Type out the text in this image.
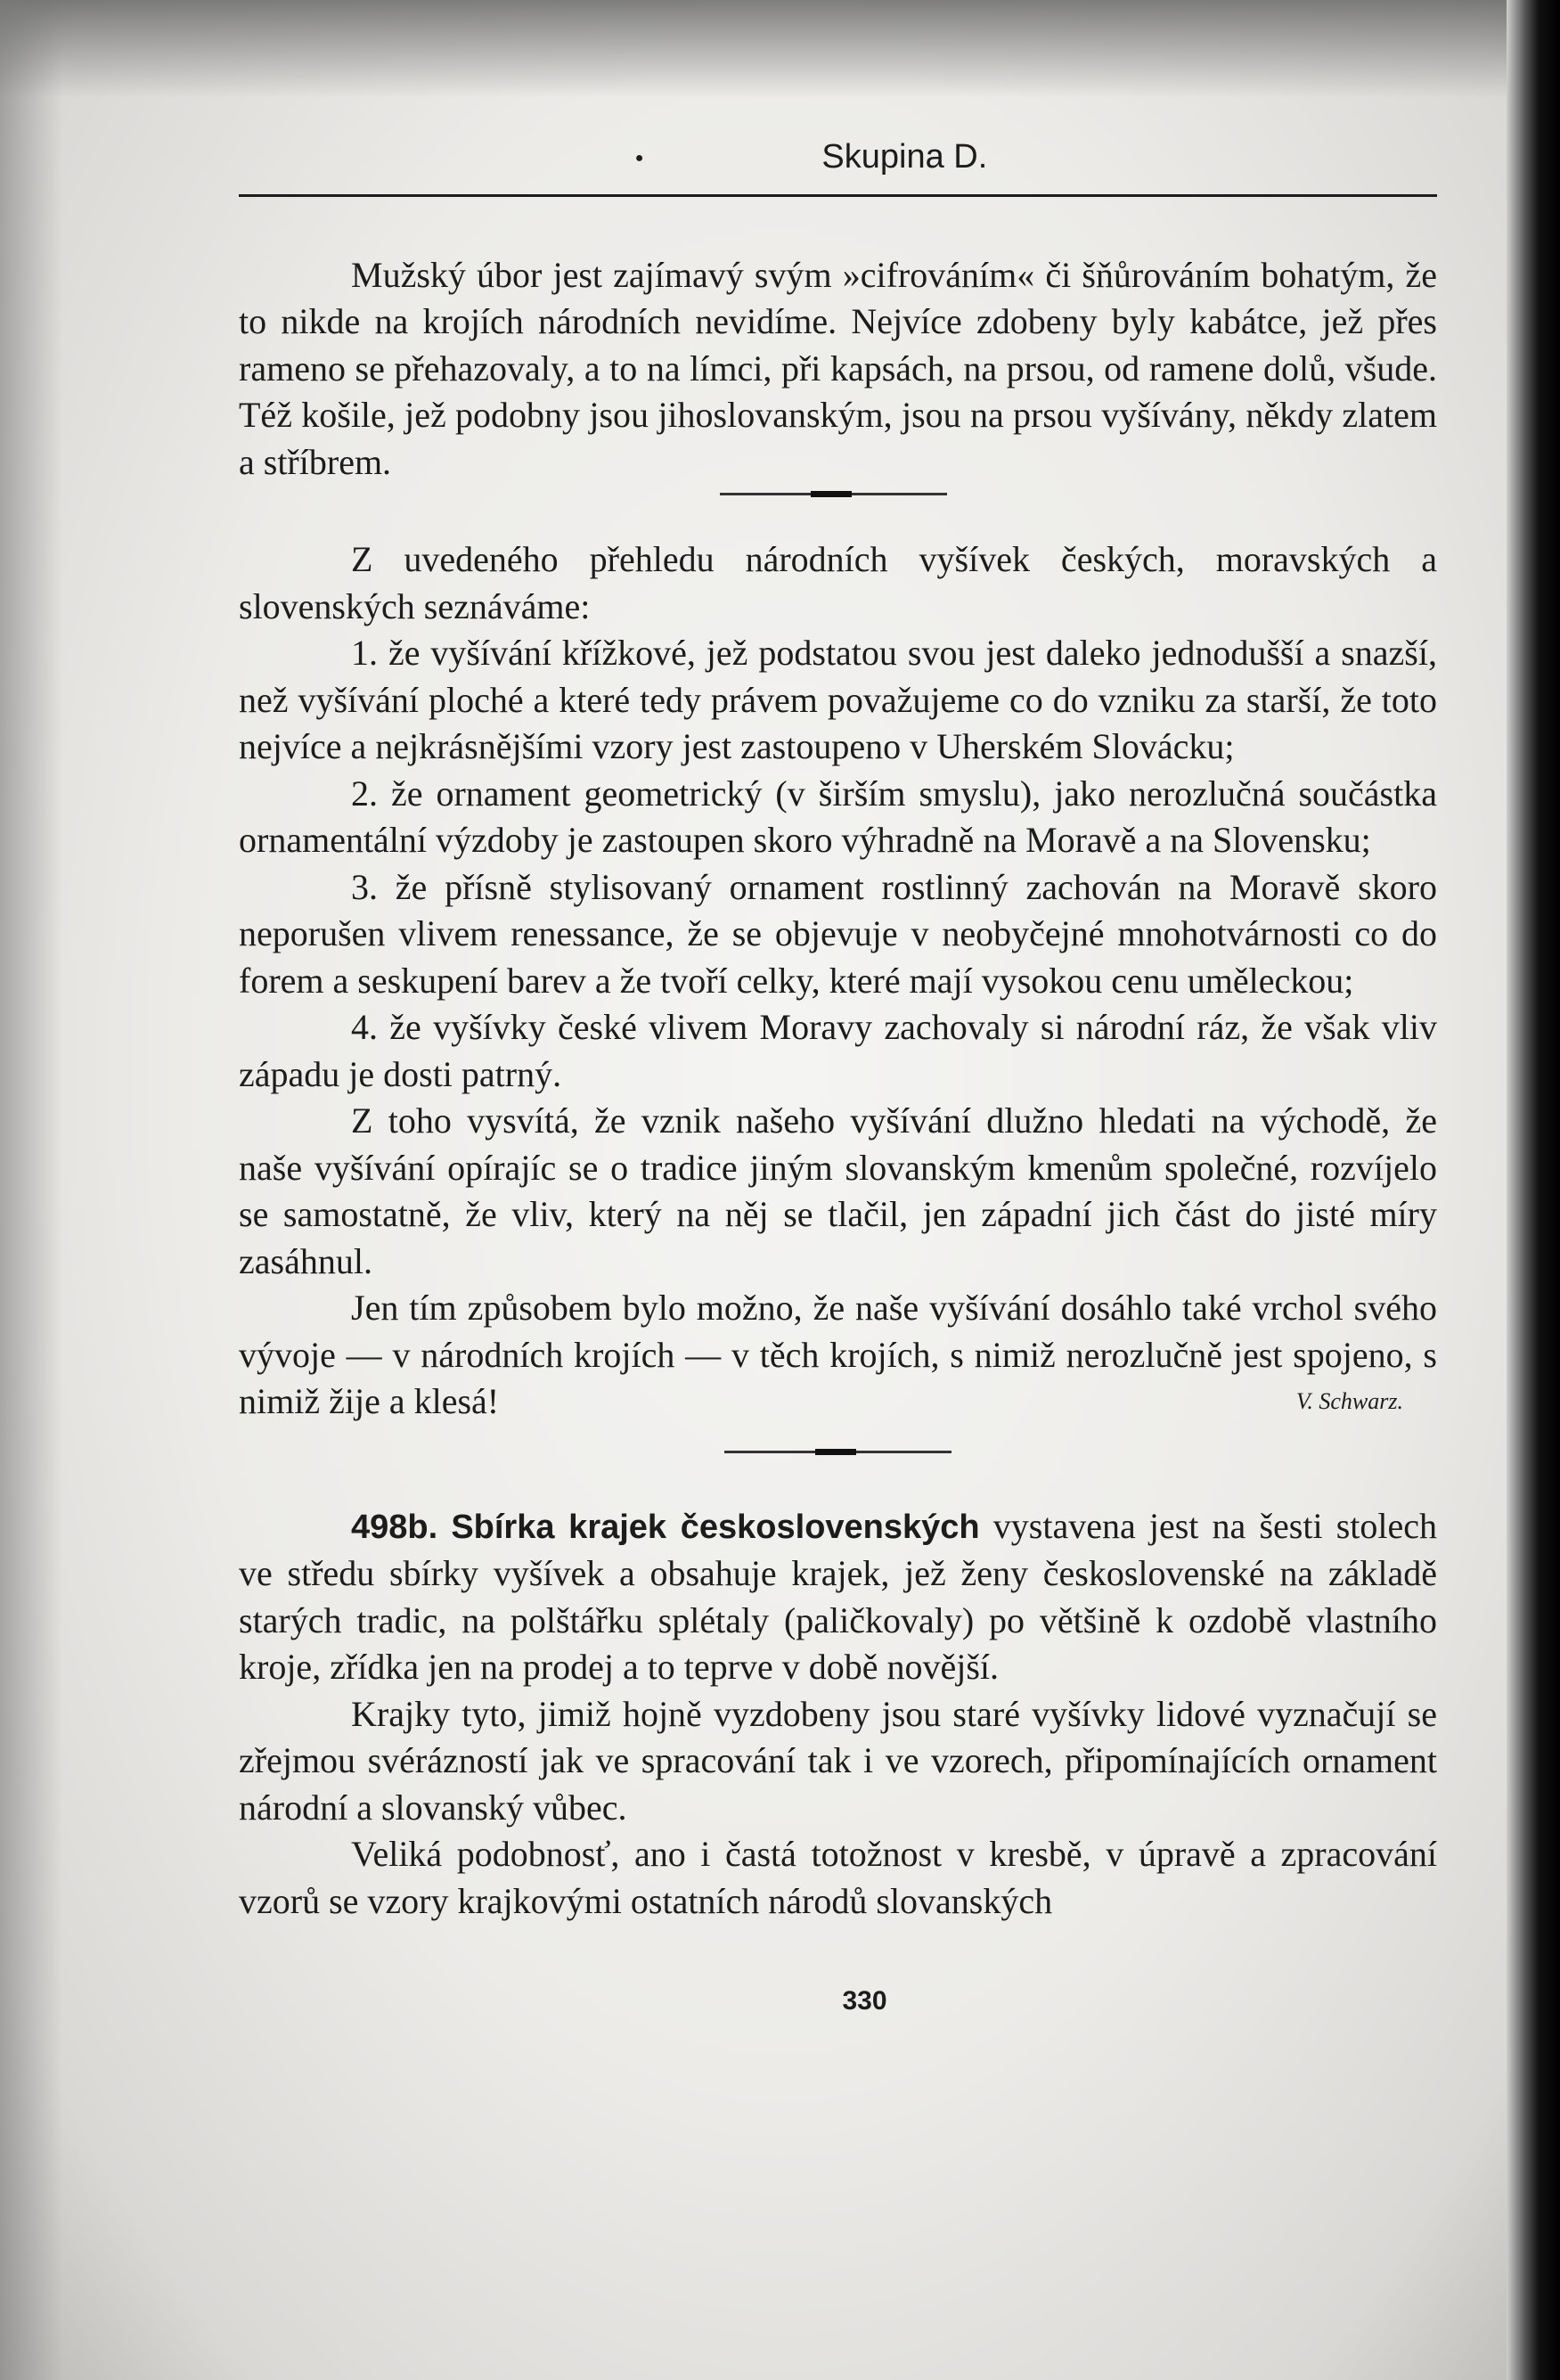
●	Skupina D.

Mužský úbor jest zajímavý svým »cifrováním« či šňůrováním bohatým, že to nikde na krojích národních nevidíme. Nejvíce zdobeny byly kabátce, jež přes rameno se přehazovaly, a to na límci, při kapsách, na prsou, od ramene dolů, všude. Též košile, jež podobny jsou jihoslovanským, jsou na prsou vyšívány, někdy zlatem a stříbrem.

Z uvedeného přehledu národních vyšívek českých, moravských a slovenských seznáváme:

1. že vyšívání křížkové, jež podstatou svou jest daleko jednodušší a snazší, než vyšívání ploché a které tedy právem považujeme co do vzniku za starší, že toto nejvíce a nejkrásnějšími vzory jest zastoupeno v Uherském Slovácku;

2. že ornament geometrický (v širším smyslu), jako nerozlučná součástka ornamentální výzdoby je zastoupen skoro výhradně na Moravě a na Slovensku;

3. že přísně stylisovaný ornament rostlinný zachován na Moravě skoro neporušen vlivem renessance, že se objevuje v neobyčejné mnohotvárnosti co do forem a seskupení barev a že tvoří celky, které mají vysokou cenu uměleckou;

4. že vyšívky české vlivem Moravy zachovaly si národní ráz, že však vliv západu je dosti patrný.

Z toho vysvítá, že vznik našeho vyšívání dlužno hledati na východě, že naše vyšívání opírajíc se o tradice jiným slovanským kmenům společné, rozvíjelo se samostatně, že vliv, který na něj se tlačil, jen západní jich část do jisté míry zasáhnul.

Jen tím způsobem bylo možno, že naše vyšívání dosáhlo také vrchol svého vývoje — v národních krojích — v těch krojích, s nimiž nerozlučně jest spojeno, s nimiž žije a klesá!	V. Schwarz.

498b. Sbírka krajek československých vystavena jest na šesti stolech ve středu sbírky vyšívek a obsahuje krajek, jež ženy československé na základě starých tradic, na polštářku splétaly (paličkovaly) po většině k ozdobě vlastního kroje, zřídka jen na prodej a to teprve v době novější.

Krajky tyto, jimiž hojně vyzdobeny jsou staré vyšívky lidové vyznačují se zřejmou svérázností jak ve spracování tak i ve vzorech, připomínajících ornament národní a slovanský vůbec.

Veliká podobnosť, ano i častá totožnost v kresbě, v úpravě a zpracování vzorů se vzory krajkovými ostatních národů slovanských

330
